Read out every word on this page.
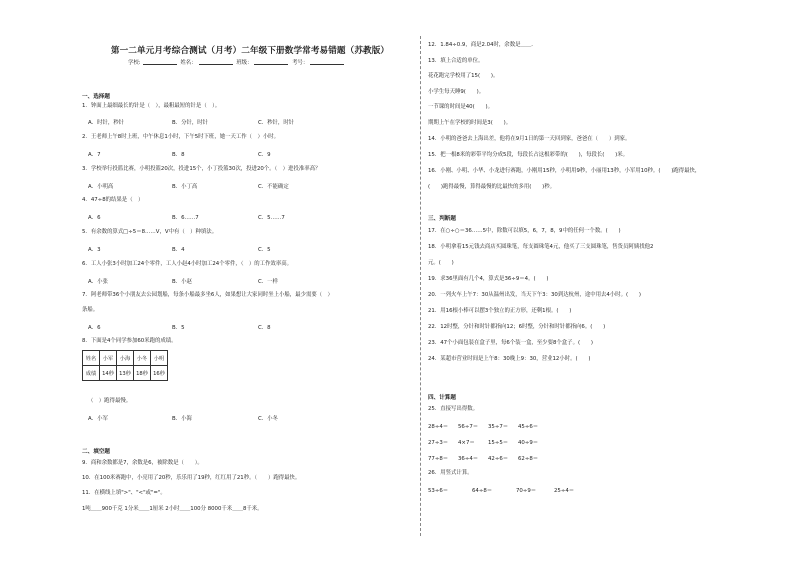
第一二单元月考综合测试（月考）二年级下册数学常考易错题（苏教版）
学校:	姓名：	班级：	考号：
一、选择题
1．钟面上最细最长的针是（　），最粗最短的针是（　）。
A．时针，秒针	B．分针，时针	C．秒针，时针
2．王老师上午8时上班，中午休息1小时，下午5时下班，她一天工作（　）小时。
A．7	B．8	C．9
3．学校举行投篮比赛，小明投篮20次，投进15个，小丁投篮30次，投进20个。（　）进投准率高？
A．小明高	B．小丁高	C．不能确定
4．47÷8的结果是（　）
A．6	B．6……7	C．5……7
5．有余数的算式□÷5＝8……V，V中有（　）种填法。
A．3	B．4	C．5
6．工人小张3小时加工24个零件，工人小赵4小时加工24个零件，（　）的工作效率高。
A．小张	B．小赵	C．一样
7．阿老师带36个小朋友去公园划船，每条小船最多坐6人，如果想让大家同时坐上小船，最少需要（　）
条船。
A．6	B．5	C．8
8．下面是4个同学参加60米跑的成绩。
姓名	小军	小海	小冬	小明
成绩	14秒	13秒	18秒	16秒
（　）跑得最慢。
A．小军	B．小海	C．小冬
二、填空题
9．商和余数都是7，余数是6，被除数是（　　）。
10．在100米赛跑中，小亮用了20秒，乐乐用了19秒，红红用了21秒。（　　）跑得最快。
11．在横线上填">"、"<"或"="。
1吨＿＿900千克 1分米＿＿1厘米 2小时＿＿100分 8000千米＿＿8千米。
12．1.84÷0.9，商是2.04时，余数是＿＿．
13．填上合适的单位。
花花跑完学校用了15(　　)。
小学生每天睡9(　　)。
一节课的时间是40(　　)。
期期上午在学校的时间是3(　　)。
14．小明的爸爸去上海出差，他将在9月1日的第一天回到家，爸爸在（　　）到家。
15．把一根8米的彩带平均分成5段，每段长占这根彩带的(　　)，每段长(　　)米。
16．小刚、小明、小华、小龙进行赛跑，小刚用15秒，小明用9秒，小丽用13秒，小军用10秒。(　　)跑得最快，
(　　)跑得最慢，算得最慢的比最快的多用(　　)秒。
三、判断题
17．在○÷○＝36……5中，除数可以填5，6，7，8，9中的任何一个数。(　　)
18．小明拿着15元钱去商店买圆珠笔，每支圆珠笔4元，他买了三支圆珠笔，售货员阿姨找他2
元。(　　)
19．求36里面有几个4，算式是36÷9＝4。(　　)
20．一列火车上午7：30从温州出发，当天下午3：30到达杭州，途中用去4小时。(　　)
21．用16根小棒可以摆3个独立的正方形，还剩1根。(　　)
22．12时整，分针和时针都指向12；6时整，分针和时针都指向6。(　　)
23．47个小面包装在盒子里，每6个装一盒，至少要8个盒子。(　　)
24．某超市营业时间是上午8：30晚上9：30，营业12小时。(　　)
四、计算题
25．直接写出得数。
28÷4＝ 56÷7＝ 35÷7＝ 45÷6＝
27÷3＝ 4×7＝ 15÷5＝ 40÷9＝
77÷8＝ 36÷4＝ 42÷6＝ 62÷8＝
26．用竖式计算。
53÷6＝	64÷8＝	70÷9＝	25÷4＝
